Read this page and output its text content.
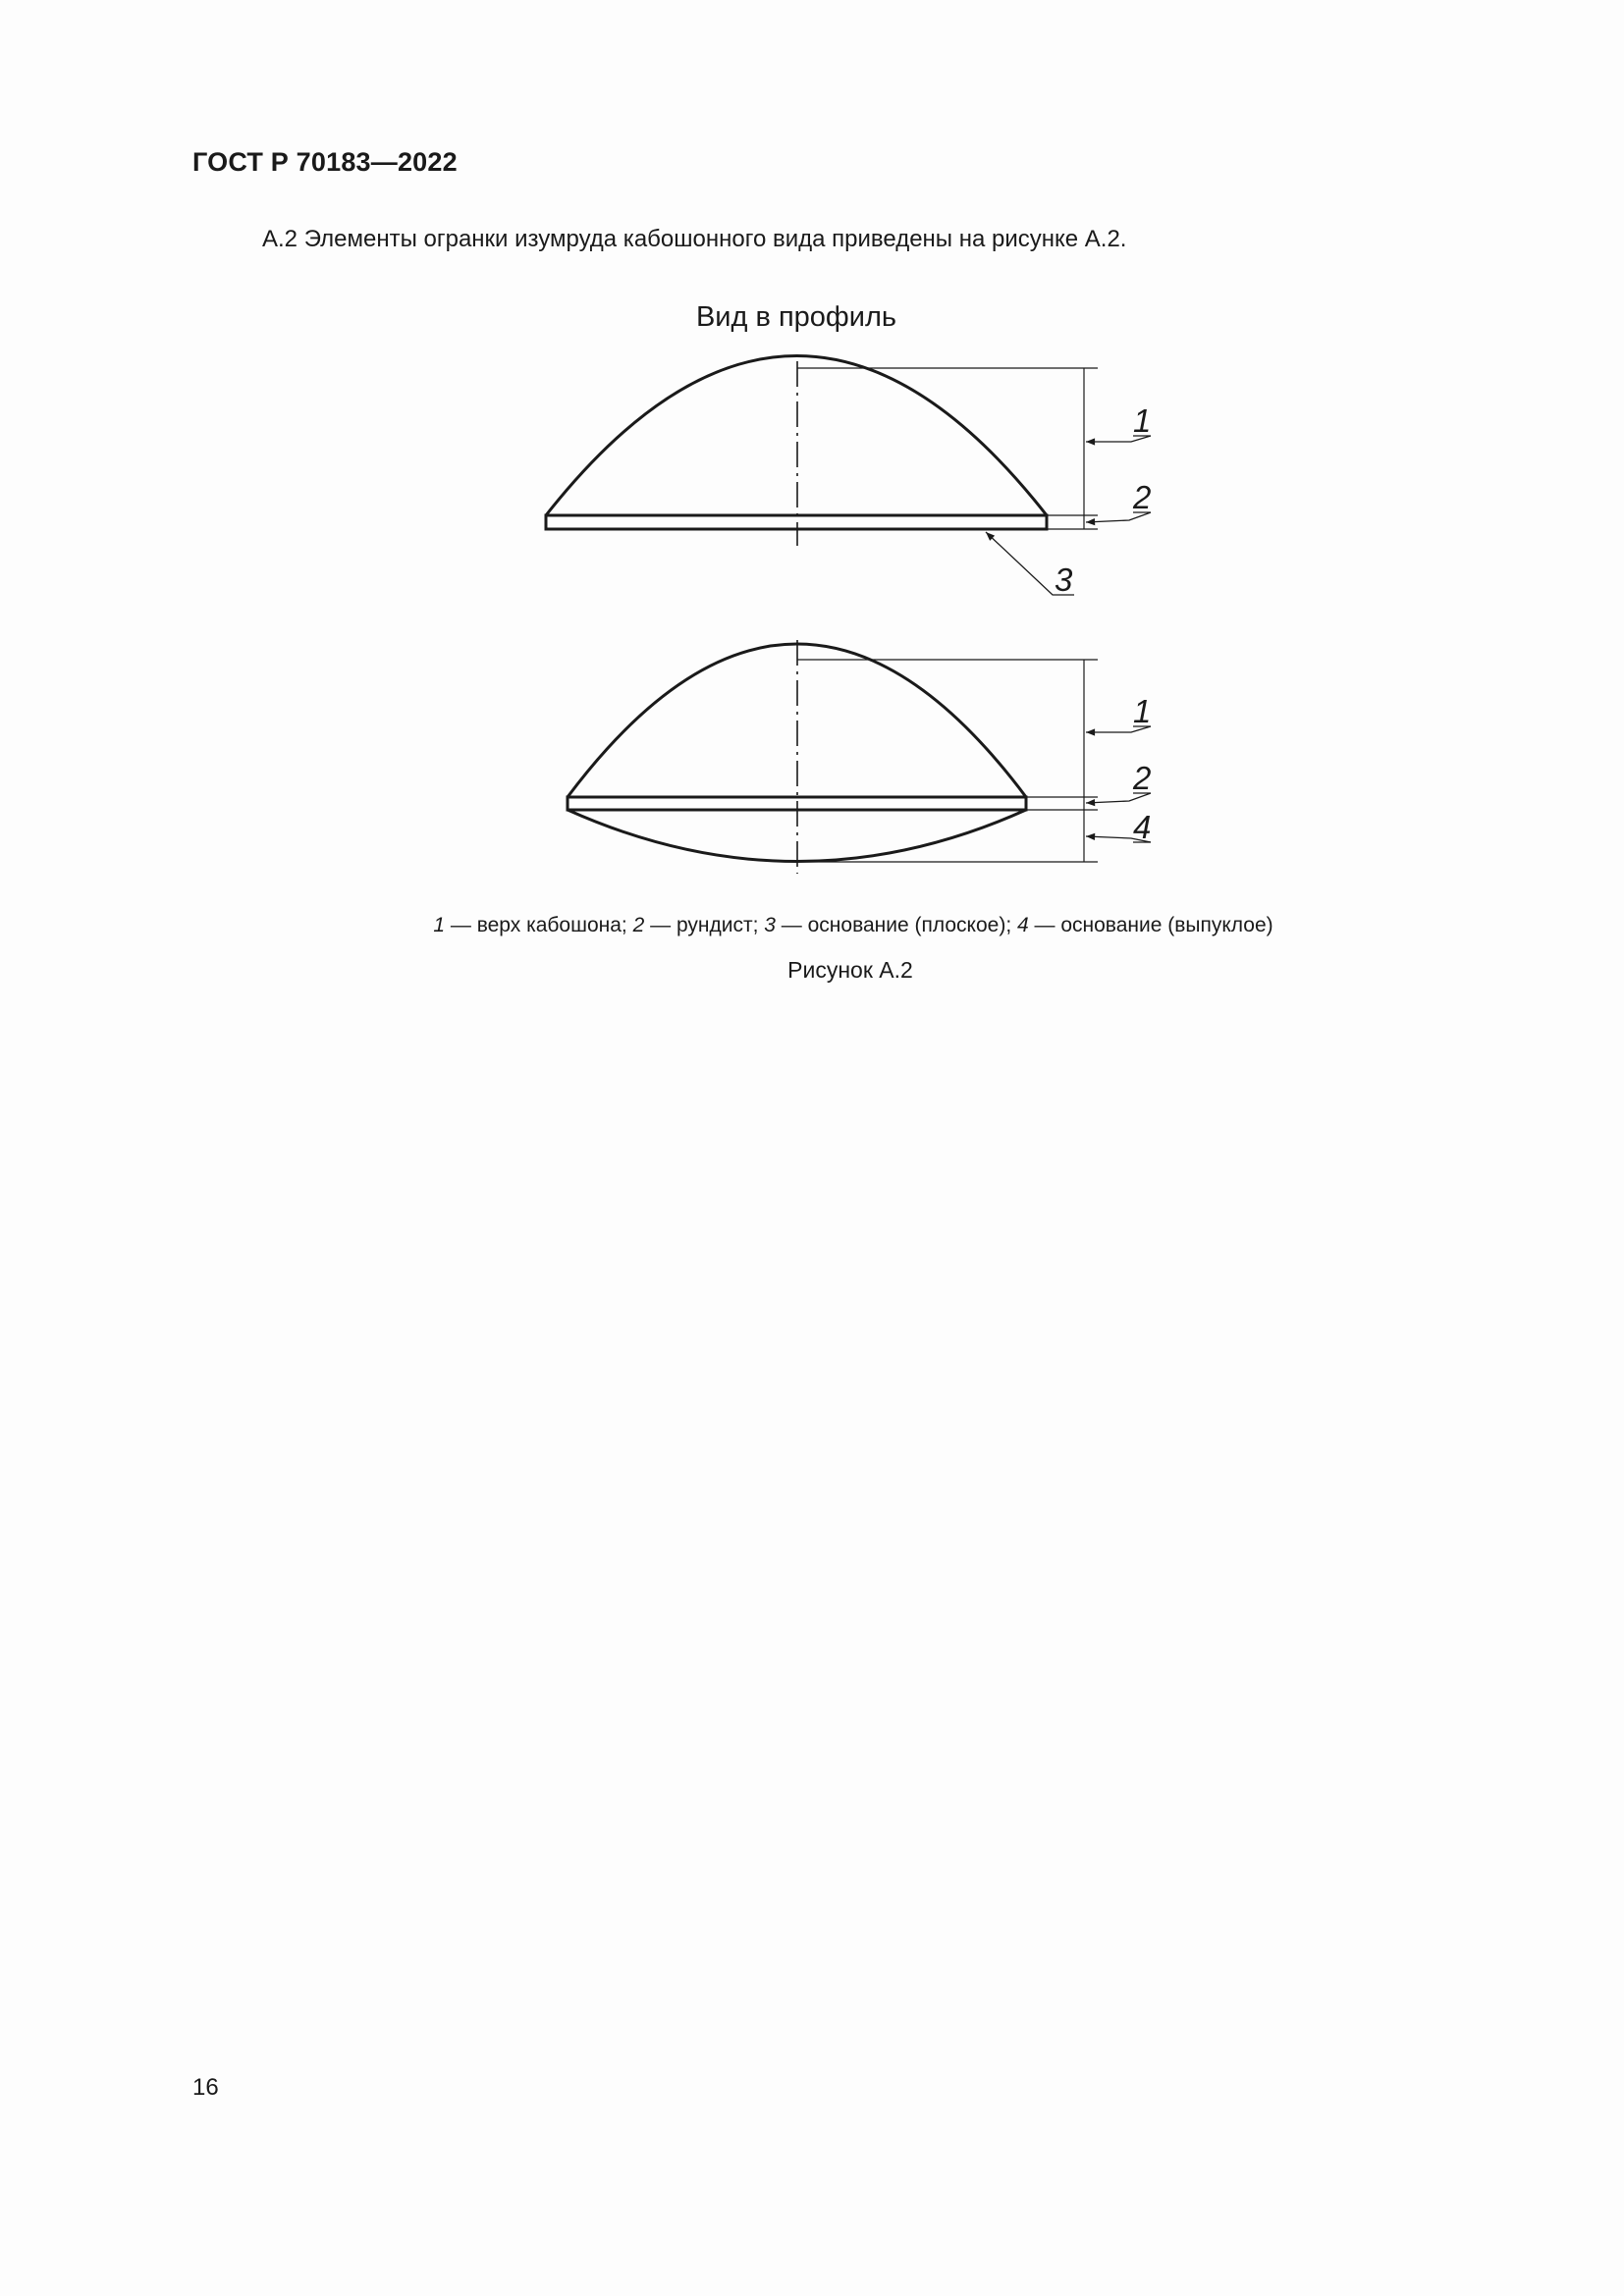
ГОСТ Р 70183—2022
А.2 Элементы огранки изумруда кабошонного вида приведены на рисунке А.2.
Вид в профиль
1
2
3
1
2
4
1 — верх кабошона; 2 — рундист; 3 — основание (плоское); 4 — основание (выпуклое)
Рисунок А.2
16
